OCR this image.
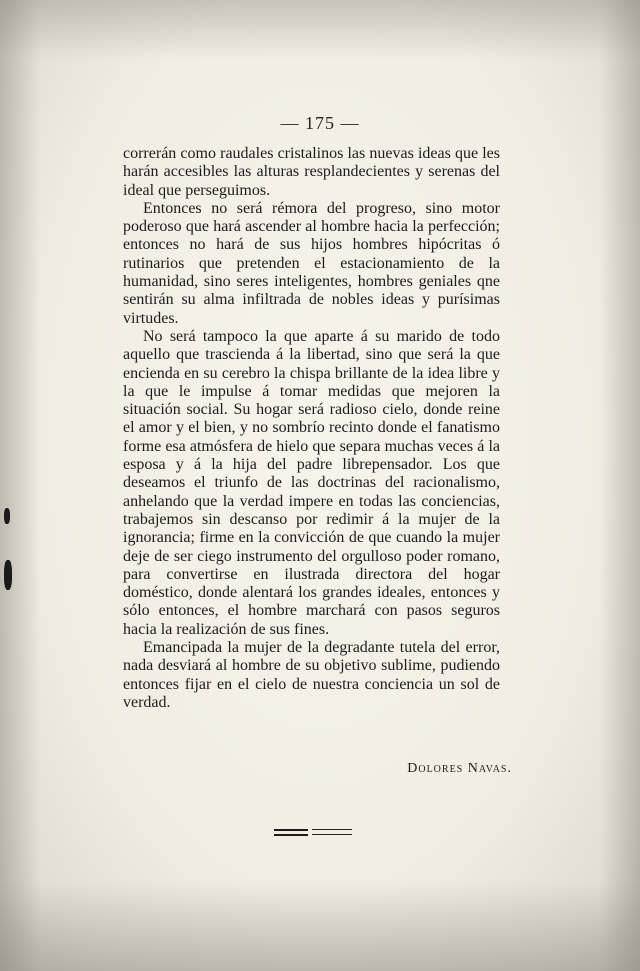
— 175 —

correrán como raudales cristalinos las nuevas ideas que les harán accesibles las alturas resplandecientes y serenas del ideal que perseguimos.

Entonces no será rémora del progreso, sino motor poderoso que hará ascender al hombre hacia la perfección; entonces no hará de sus hijos hombres hipócritas ó rutinarios que pretenden el estacionamiento de la humanidad, sino seres inteligentes, hombres geniales qne sentirán su alma infiltrada de nobles ideas y purísimas virtudes.

No será tampoco la que aparte á su marido de todo aquello que trascienda á la libertad, sino que será la que encienda en su cerebro la chispa brillante de la idea libre y la que le impulse á tomar medidas que mejoren la situación social. Su hogar será radioso cielo, donde reine el amor y el bien, y no sombrío recinto donde el fanatismo forme esa atmósfera de hielo que separa muchas veces á la esposa y á la hija del padre librepensador. Los que deseamos el triunfo de las doctrinas del racionalismo, anhelando que la verdad impere en todas las conciencias, trabajemos sin descanso por redimir á la mujer de la ignorancia; firme en la convicción de que cuando la mujer deje de ser ciego instrumento del orgulloso poder romano, para convertirse en ilustrada directora del hogar doméstico, donde alentará los grandes ideales, entonces y sólo entonces, el hombre marchará con pasos seguros hacia la realización de sus fines.

Emancipada la mujer de la degradante tutela del error, nada desviará al hombre de su objetivo sublime, pudiendo entonces fijar en el cielo de nuestra conciencia un sol de verdad.

Dolores Navas.
